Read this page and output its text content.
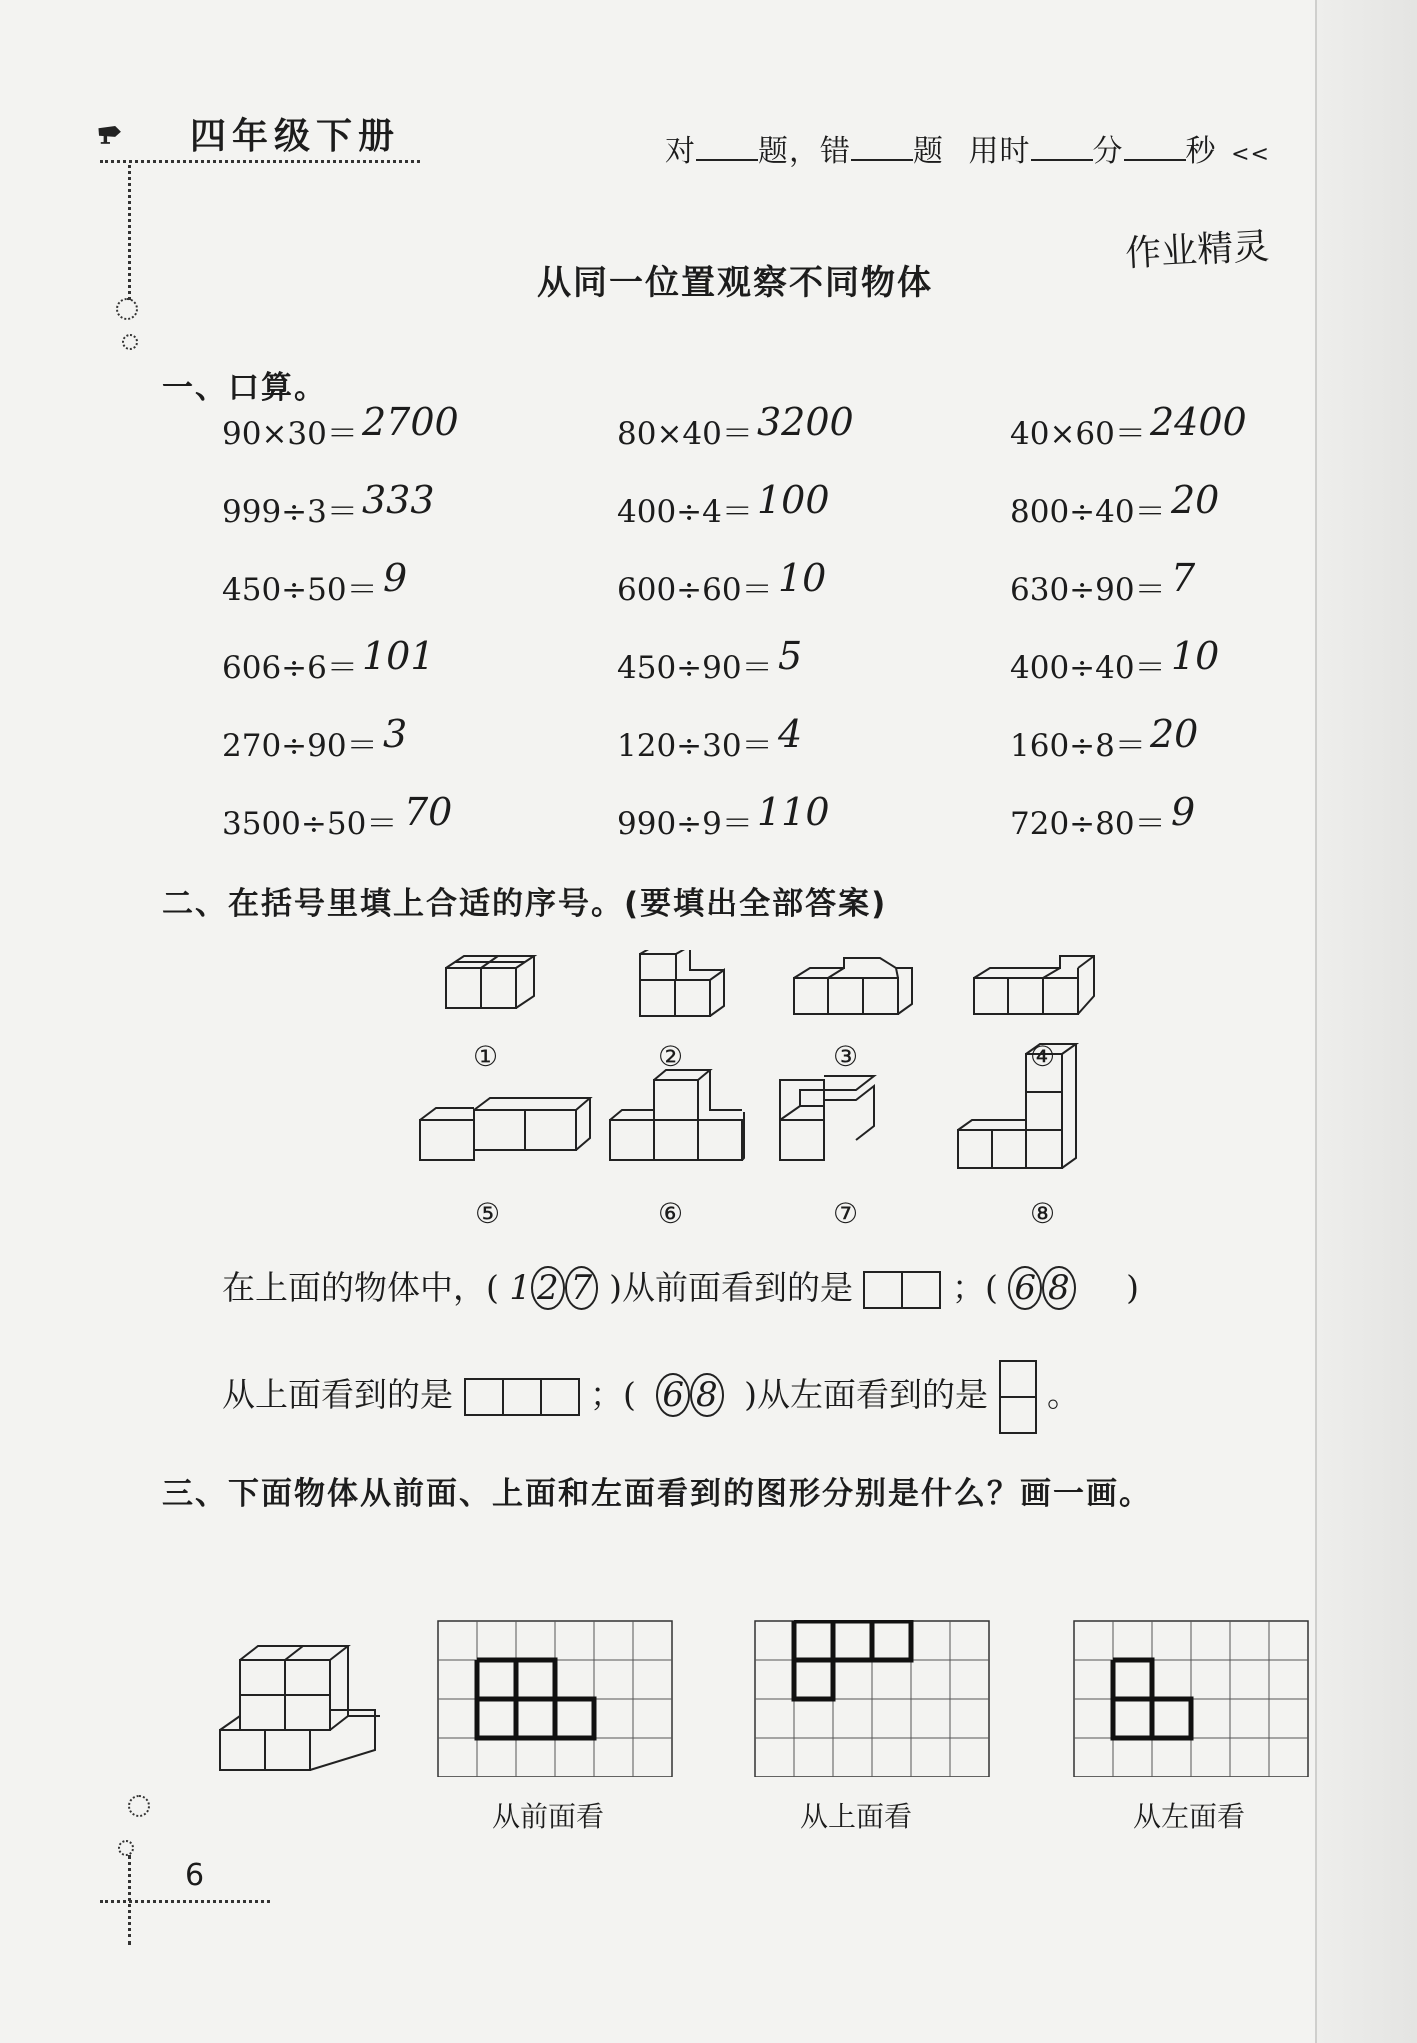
四年级下册	对 题，错 题 用时 分 秒 <<
从同一位置观察不同物体
作业精灵
一、口算。
90×30＝ 2700	80×40＝ 3200	40×60＝ 2400
999÷3＝ 333	400÷4＝ 100	800÷40＝ 20
450÷50＝ 9	600÷60＝ 10	630÷90＝ 7
606÷6＝ 101	450÷90＝ 5	400÷40＝ 10
270÷90＝ 3	120÷30＝ 4	160÷8＝ 20
3500÷50＝ 70	990÷9＝ 110	720÷80＝ 9
二、在括号里填上合适的序号。(要填出全部答案)
①	②	③	④
⑤	⑥	⑦	⑧
在上面的物体中，( 1 2 7 )从前面看到的是	；( 6 8 )
从上面看到的是	；( 6 8 )从左面看到的是 。
三、下面物体从前面、上面和左面看到的图形分别是什么？画一画。
从前面看	从上面看	从左面看
6
